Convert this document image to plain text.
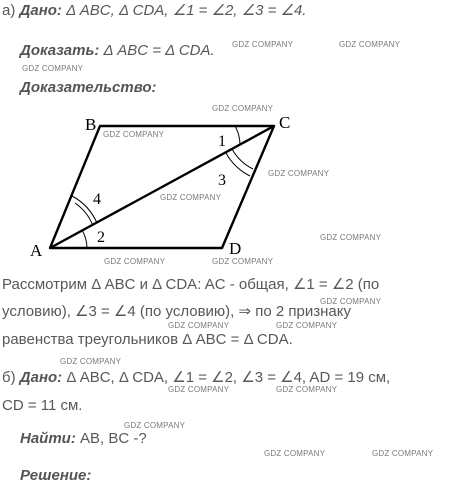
а) Дано: Δ ABC, Δ CDA, ∠1 = ∠2, ∠3 = ∠4.
Доказать: Δ ABC = Δ CDA.
Доказательство:
B	C
A	D
1
2
3
4
Рассмотрим Δ ABC и Δ CDA: AC - общая, ∠1 = ∠2 (по
условию), ∠3 = ∠4 (по условию), ⇒ по 2 признаку
равенства треугольников Δ ABC = Δ CDA.
б) Дано: Δ ABC, Δ CDA, ∠1 = ∠2, ∠3 = ∠4, AD = 19 см,
CD = 11 см.
Найти: AB, BC -?
Решение:
GDZ COMPANY	GDZ COMPANY
GDZ COMPANY
GDZ COMPANY
GDZ COMPANY
GDZ COMPANY
GDZ COMPANY
GDZ COMPANY
GDZ COMPANY	GDZ COMPANY
GDZ COMPANY
GDZ COMPANY	GDZ COMPANY
GDZ COMPANY
GDZ COMPANY	GDZ COMPANY
GDZ COMPANY
GDZ COMPANY	GDZ COMPANY
